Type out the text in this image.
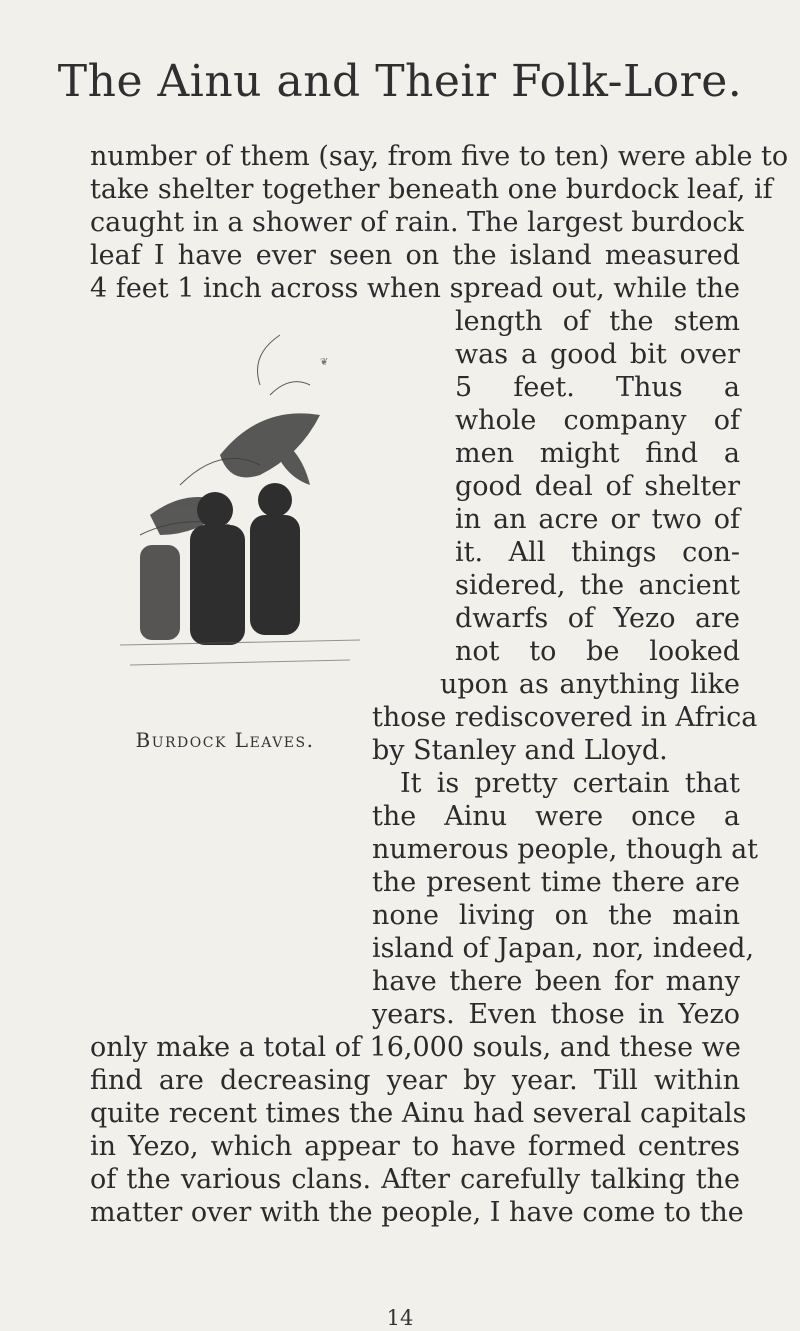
The Ainu and Their Folk-Lore.
number of them (say, from five to ten) were able to
take shelter together beneath one burdock leaf, if
caught in a shower of rain. The largest burdock
leaf I have ever seen on the island measured
4 feet 1 inch across when spread out, while the
length of the stem
was a good bit over
5 feet. Thus a
whole company of
men might find a
good deal of shelter
in an acre or two of
it. All things con-
sidered, the ancient
dwarfs of Yezo are
not to be looked
upon as anything like
those rediscovered in Africa
by Stanley and Lloyd.
It is pretty certain that
the Ainu were once a
numerous people, though at
the present time there are
none living on the main
island of Japan, nor, indeed,
have there been for many
years. Even those in Yezo
only make a total of 16,000 souls, and these we
find are decreasing year by year. Till within
quite recent times the Ainu had several capitals
in Yezo, which appear to have formed centres
of the various clans. After carefully talking the
matter over with the people, I have come to the
❦
Burdock Leaves.
14
